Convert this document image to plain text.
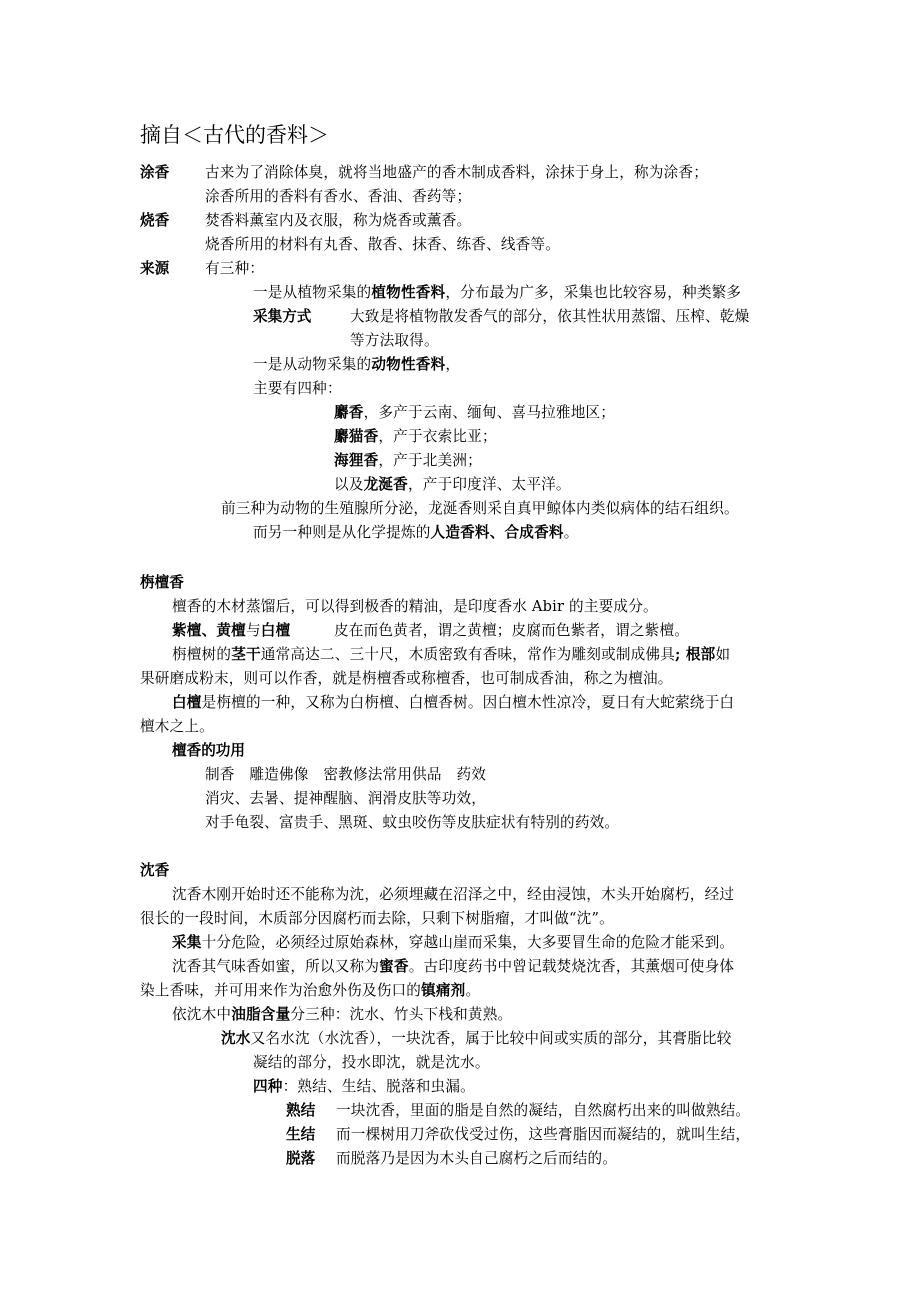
摘自＜古代的香料＞
涂香 古来为了消除体臭，就将当地盛产的香木制成香料，涂抹于身上，称为涂香；
涂香所用的香料有香水、香油、香药等；
烧香 焚香料薰室内及衣服，称为烧香或薰香。
烧香所用的材料有丸香、散香、抹香、练香、线香等。
来源 有三种：
一是从植物采集的植物性香料，分布最为广多，采集也比较容易，种类繁多
采集方式	大致是将植物散发香气的部分，依其性状用蒸馏、压榨、乾燥
等方法取得。
一是从动物采集的动物性香料，
主要有四种：
麝香，多产于云南、缅甸、喜马拉雅地区；
麝猫香，产于衣索比亚；
海狸香，产于北美洲；
以及龙涎香，产于印度洋、太平洋。
前三种为动物的生殖腺所分泌，龙涎香则采自真甲鲸体内类似病体的结石组织。
而另一种则是从化学提炼的人造香料、合成香料。
栴檀香
檀香的木材蒸馏后，可以得到极香的精油，是印度香水 Abir 的主要成分。
紫檀、黄檀与白檀	皮在而色黄者，谓之黄檀；皮腐而色紫者，谓之紫檀。
栴檀树的茎干通常高达二、三十尺，木质密致有香味，常作为雕刻或制成佛具; 根部如
果研磨成粉末，则可以作香，就是栴檀香或称檀香，也可制成香油，称之为檀油。
白檀是栴檀的一种，又称为白栴檀、白檀香树。因白檀木性凉冷，夏日有大蛇萦绕于白
檀木之上。
檀香的功用
制香　雕造佛像　密教修法常用供品　药效
消灾、去暑、提神醒脑、润滑皮肤等功效，
对手龟裂、富贵手、黑斑、蚊虫咬伤等皮肤症状有特别的药效。
沈香
沈香木刚开始时还不能称为沈，必须埋藏在沼泽之中，经由浸蚀，木头开始腐朽，经过
很长的一段时间，木质部分因腐朽而去除，只剩下树脂瘤，才叫做“沈”。
采集十分危险，必须经过原始森林，穿越山崖而采集，大多要冒生命的危险才能采到。
沈香其气味香如蜜，所以又称为蜜香。古印度药书中曾记载焚烧沈香，其薰烟可使身体
染上香味，并可用来作为治愈外伤及伤口的镇痛剂。
依沈木中油脂含量分三种：沈水、竹头下栈和黄熟。
沈水又名水沈（水沈香），一块沈香，属于比较中间或实质的部分，其膏脂比较
凝结的部分，投水即沈，就是沈水。
四种：熟结、生结、脱落和虫漏。
熟结 一块沈香，里面的脂是自然的凝结，自然腐朽出来的叫做熟结。
生结 而一棵树用刀斧砍伐受过伤，这些膏脂因而凝结的，就叫生结，
脱落 而脱落乃是因为木头自己腐朽之后而结的。
